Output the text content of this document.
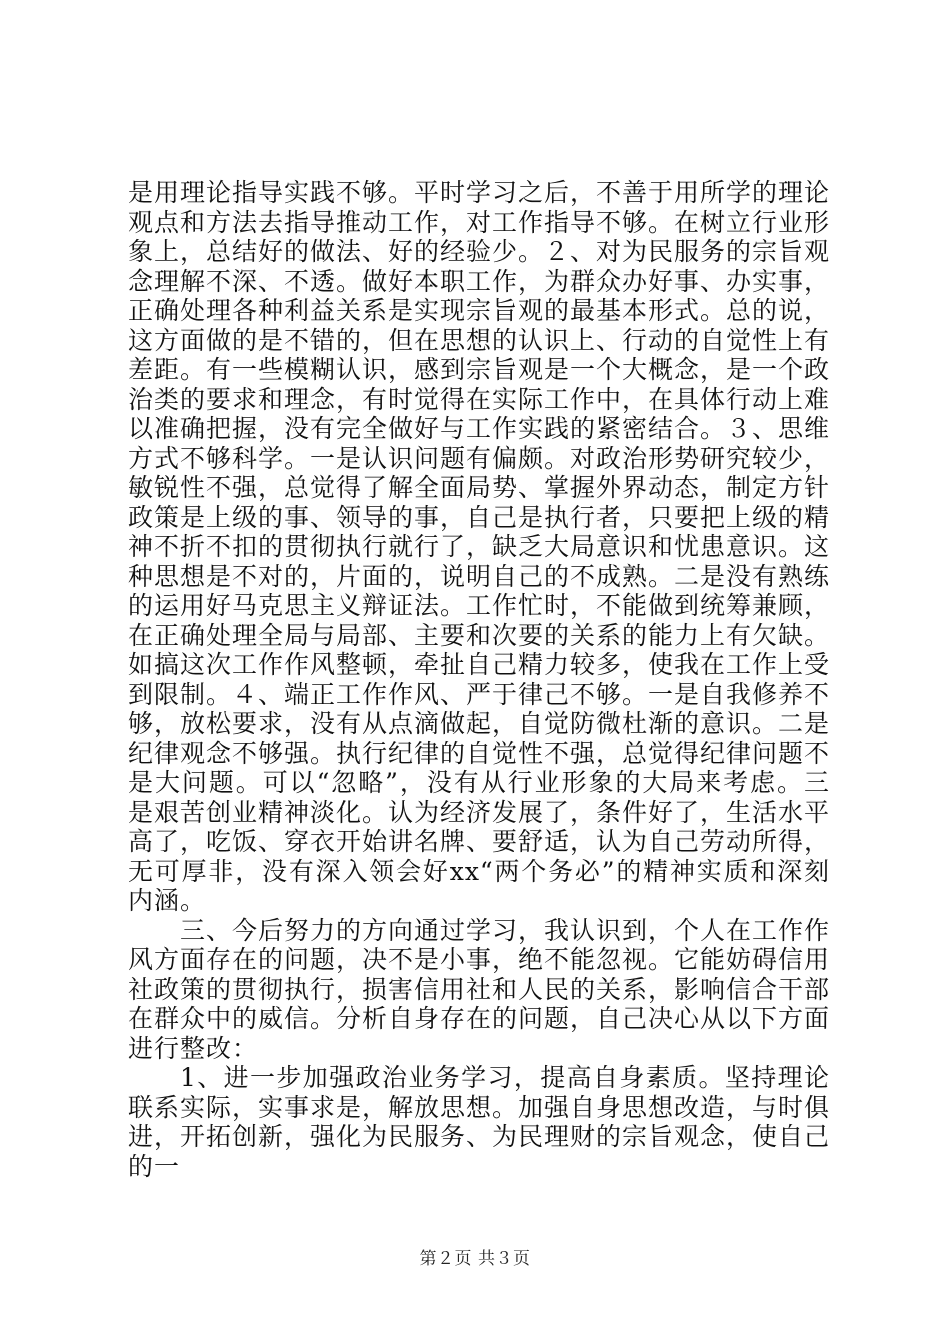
是用理论指导实践不够。平时学习之后，不善于用所学的理论观点和方法去指导推动工作，对工作指导不够。在树立行业形象上，总结好的做法、好的经验少。２、对为民服务的宗旨观念理解不深、不透。做好本职工作，为群众办好事、办实事，正确处理各种利益关系是实现宗旨观的最基本形式。总的说，这方面做的是不错的，但在思想的认识上、行动的自觉性上有差距。有一些模糊认识，感到宗旨观是一个大概念，是一个政治类的要求和理念，有时觉得在实际工作中，在具体行动上难以准确把握，没有完全做好与工作实践的紧密结合。３、思维方式不够科学。一是认识问题有偏颇。对政治形势研究较少，敏锐性不强，总觉得了解全面局势、掌握外界动态，制定方针政策是上级的事、领导的事，自己是执行者，只要把上级的精神不折不扣的贯彻执行就行了，缺乏大局意识和忧患意识。这种思想是不对的，片面的，说明自己的不成熟。二是没有熟练的运用好马克思主义辩证法。工作忙时，不能做到统筹兼顾，在正确处理全局与局部、主要和次要的关系的能力上有欠缺。如搞这次工作作风整顿，牵扯自己精力较多，使我在工作上受到限制。４、端正工作作风、严于律己不够。一是自我修养不够，放松要求，没有从点滴做起，自觉防微杜渐的意识。二是纪律观念不够强。执行纪律的自觉性不强，总觉得纪律问题不是大问题。可以“忽略”，没有从行业形象的大局来考虑。三是艰苦创业精神淡化。认为经济发展了，条件好了，生活水平高了，吃饭、穿衣开始讲名牌、要舒适，认为自己劳动所得，无可厚非，没有深入领会好xx“两个务必”的精神实质和深刻内涵。

三、今后努力的方向通过学习，我认识到，个人在工作作风方面存在的问题，决不是小事，绝不能忽视。它能妨碍信用社政策的贯彻执行，损害信用社和人民的关系，影响信合干部在群众中的威信。分析自身存在的问题，自己决心从以下方面进行整改：

1、进一步加强政治业务学习，提高自身素质。坚持理论联系实际，实事求是，解放思想。加强自身思想改造，与时俱进，开拓创新，强化为民服务、为民理财的宗旨观念，使自己的一

第２页 共３页
